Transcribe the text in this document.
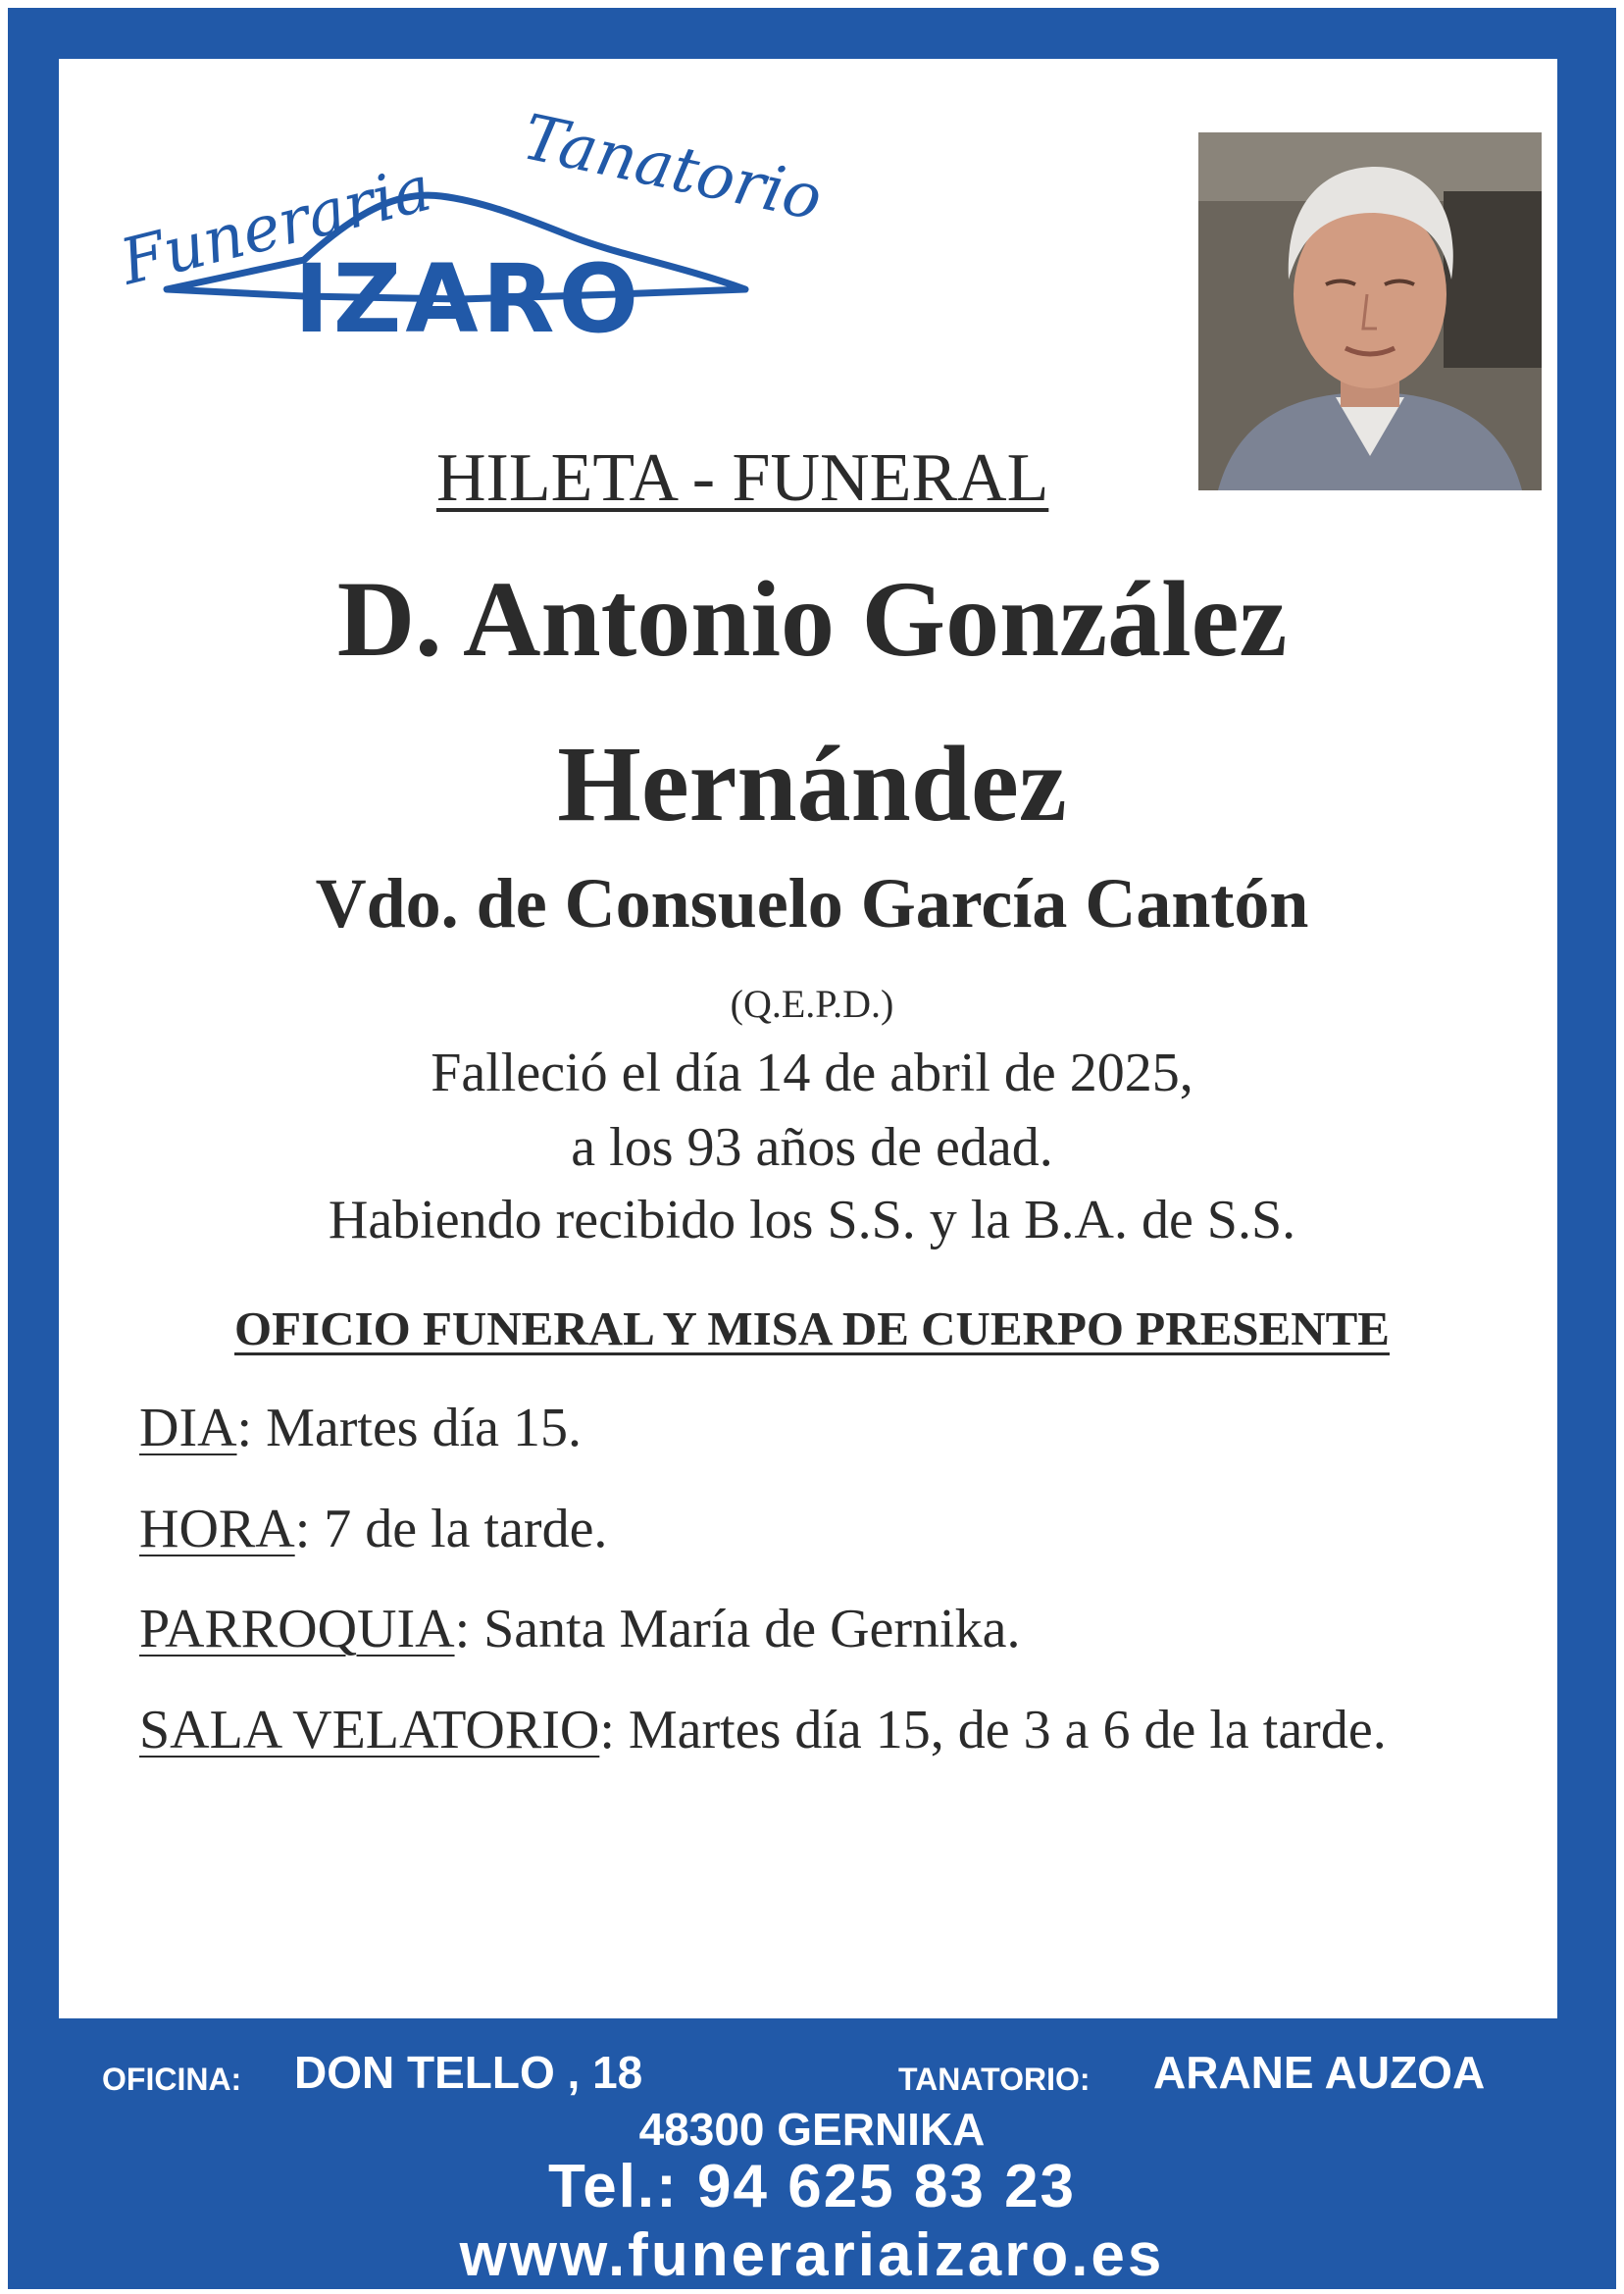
Funeraria Tanatorio
IZARO
HILETA - FUNERAL
D. Antonio González
Hernández
Vdo. de Consuelo García Cantón
(Q.E.P.D.)
Falleció el día 14 de abril de 2025,
a los 93 años de edad.
Habiendo recibido los S.S. y la B.A. de S.S.
OFICIO FUNERAL Y MISA DE CUERPO PRESENTE
DIA: Martes día 15.
HORA: 7 de la tarde.
PARROQUIA: Santa María de Gernika.
SALA VELATORIO: Martes día 15, de 3 a 6 de la tarde.
OFICINA: DON TELLO , 18	TANATORIO: ARANE AUZOA
48300 GERNIKA
Tel.: 94 625 83 23
www.funerariaizaro.es
